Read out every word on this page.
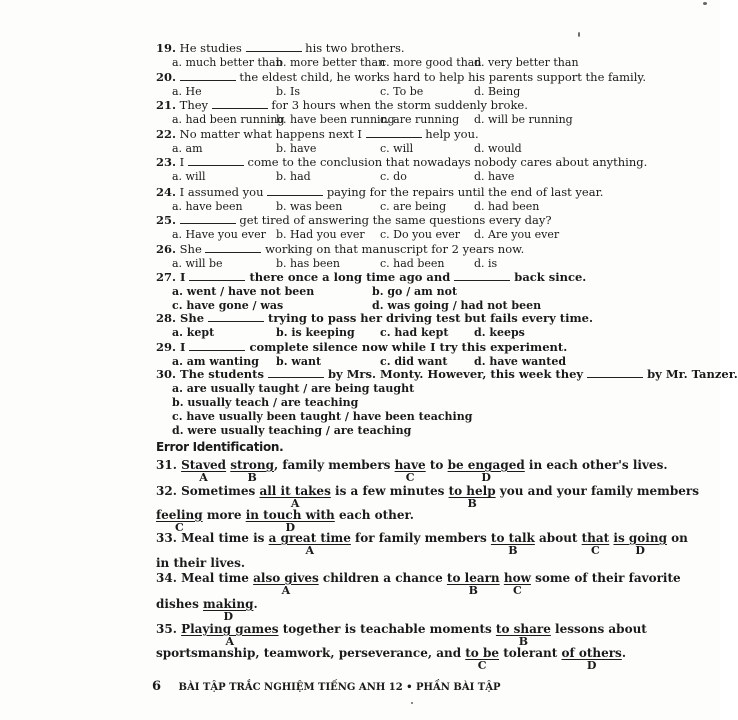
19. He studies	his two brothers.
a. much better than
b. more better than
c. more good than
d. very better than
20.	the eldest child, he works hard to help his parents support the family.
a. He	b. Is	c. To be	d. Being
21. They	for 3 hours when the storm suddenly broke.
a. had been running
b. have been running
c. are running d. will be running
22. No matter what happens next I	help you.
a. am	b. have	c. will	d. would
23. I	come to the conclusion that nowadays nobody cares about anything.
a. will	b. had	c. do	d. have
24. I assumed you	paying for the repairs until the end of last year.
a. have been	b. was been	c. are being	d. had been
25.	get tired of answering the same questions every day?
a. Have you ever b. Had you ever c. Do you ever d. Are you ever
26. She	working on that manuscript for 2 years now.
a. will be	b. has been	c. had been	d. is
27. I	there once a long time ago and	back since.
a. went / have not been	b. go / am not
c. have gone / was	d. was going / had not been
28. She	trying to pass her driving test but fails every time.
a. kept	b. is keeping c. had kept d. keeps
29. I	complete silence now while I try this experiment.
a. am wanting b. want	c. did want d. have wanted
30. The students	by Mrs. Monty. However, this week they	by Mr. Tanzer.
a. are usually taught / are being taught
b. usually teach / are teaching
c. have usually been taught / have been teaching
d. were usually teaching / are teaching
Error Identification.
31. Staved
A
strong
B
, family members have
C
to be engaged
D
in each other's lives.
32. Sometimes all it takes
A
is a few minutes to help
B
you and your family members
feeling
C
more in touch with
D
each other.
33. Meal time is a great time
A
for family members to talk
B
about that
C
is going
D
on
in their lives.
34. Meal time also gives
A
children a chance to learn
B
how
C
some of their favorite
dishes making
D
.
35. Playing games
A
together is teachable moments to share
B
lessons about
sportsmanship, teamwork, perseverance, and to be
C
tolerant of others
D
.
6 BÀI TẬP TRẮC NGHIỆM TIẾNG ANH 12 • PHẦN BÀI TẬP
